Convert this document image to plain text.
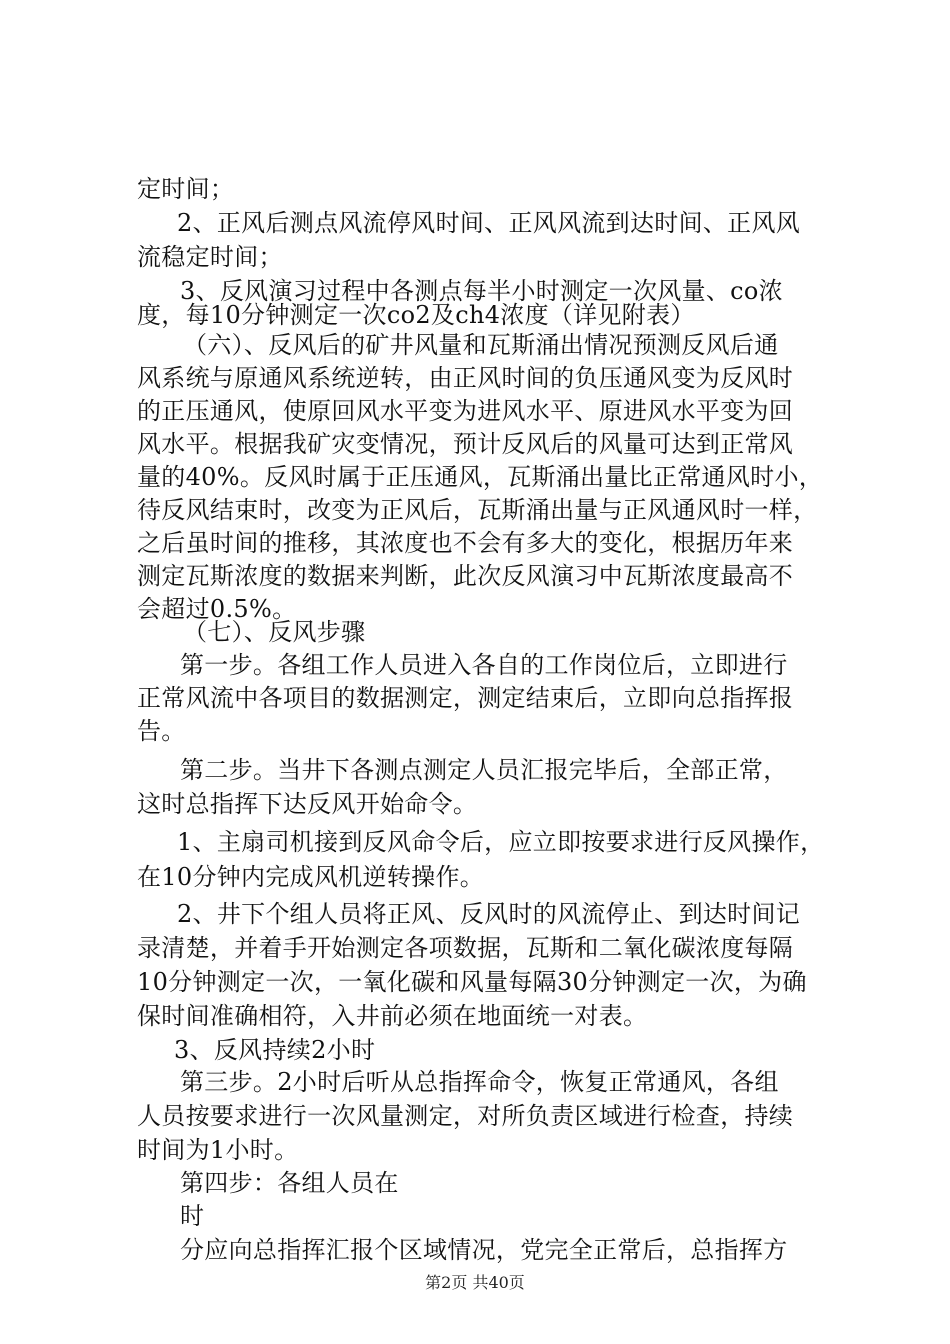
定时间；
2、正风后测点风流停风时间、正风风流到达时间、正风风
流稳定时间；
3、反风演习过程中各测点每半小时测定一次风量、co浓
度，每10分钟测定一次co2及ch4浓度（详见附表）
（六）、反风后的矿井风量和瓦斯涌出情况预测反风后通
风系统与原通风系统逆转，由正风时间的负压通风变为反风时
的正压通风，使原回风水平变为进风水平、原进风水平变为回
风水平。根据我矿灾变情况，预计反风后的风量可达到正常风
量的40%。反风时属于正压通风，瓦斯涌出量比正常通风时小，
待反风结束时，改变为正风后，瓦斯涌出量与正风通风时一样，
之后虽时间的推移，其浓度也不会有多大的变化，根据历年来
测定瓦斯浓度的数据来判断，此次反风演习中瓦斯浓度最高不
会超过0.5%。
（七）、反风步骤
第一步。各组工作人员进入各自的工作岗位后，立即进行
正常风流中各项目的数据测定，测定结束后，立即向总指挥报
告。
第二步。当井下各测点测定人员汇报完毕后，全部正常，
这时总指挥下达反风开始命令。
1、主扇司机接到反风命令后，应立即按要求进行反风操作，
在10分钟内完成风机逆转操作。
2、井下个组人员将正风、反风时的风流停止、到达时间记
录清楚，并着手开始测定各项数据，瓦斯和二氧化碳浓度每隔
10分钟测定一次，一氧化碳和风量每隔30分钟测定一次，为确
保时间准确相符，入井前必须在地面统一对表。
3、反风持续2小时
第三步。2小时后听从总指挥命令，恢复正常通风，各组
人员按要求进行一次风量测定，对所负责区域进行检查，持续
时间为1小时。
第四步：各组人员在
时
分应向总指挥汇报个区域情况，党完全正常后，总指挥方
第2页 共40页
